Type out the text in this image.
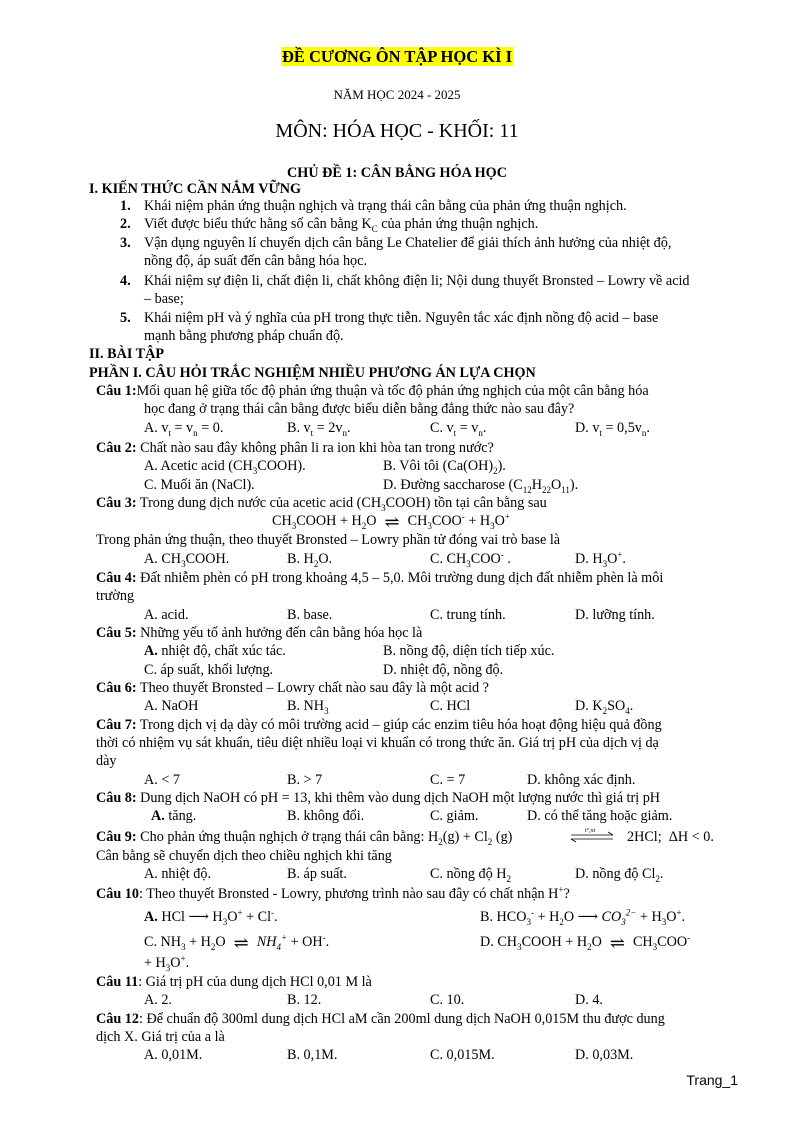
ĐỀ CƯƠNG ÔN TẬP HỌC KÌ I
NĂM HỌC 2024 - 2025
MÔN: HÓA HỌC - KHỐI: 11
CHỦ ĐỀ 1: CÂN BẰNG HÓA HỌC
I. KIẾN THỨC CẦN NẮM VỮNG
1. Khái niệm phản ứng thuận nghịch và trạng thái cân bằng của phản ứng thuận nghịch.
2. Viết được biểu thức hằng số cân bằng $K_C$ của phản ứng thuận nghịch.
3. Vận dụng nguyên lí chuyển dịch cân bằng Le Chatelier để giải thích ảnh hưởng của nhiệt độ,
nồng độ, áp suất đến cân bằng hóa học.
4. Khái niệm sự điện li, chất điện li, chất không điện li; Nội dung thuyết Bronsted – Lowry về acid
– base;
5. Khái niệm pH và ý nghĩa của pH trong thực tiễn. Nguyên tắc xác định nồng độ acid – base
mạnh bằng phương pháp chuẩn độ.
II. BÀI TẬP
PHẦN I. CÂU HỎI TRẮC NGHIỆM NHIỀU PHƯƠNG ÁN LỰA CHỌN
Câu 1:Mối quan hệ giữa tốc độ phản ứng thuận và tốc độ phản ứng nghịch của một cân bằng hóa
học đang ở trạng thái cân bằng được biểu diễn bằng đẳng thức nào sau đây?
A. $v_t = v_n = 0$.	B. $v_t = 2v_n$.	C. $v_t = v_n$.	D. $v_t = 0,5v_n$.
Câu 2: Chất nào sau đây không phân li ra ion khi hòa tan trong nước?
A. Acetic acid $(CH_3COOH)$.	B. Vôi tôi $(Ca(OH)_2)$.
C. Muối ăn (NaCl).	D. Đường saccharose $(C_{12}H_{22}O_{11})$.
Câu 3: Trong dung dịch nước của acetic acid $(CH_3COOH)$ tồn tại cân bằng sau
$CH_3COOH + H_2O$ ⇌ $CH_3COO^- + H_3O^+$
Trong phản ứng thuận, theo thuyết Bronsted – Lowry phần tử đóng vai trò base là
A. $CH_3COOH$.	B. $H_2O$.	C. $CH_3COO^-$ .	D. $H_3O^+$.
Câu 4: Đất nhiễm phèn có pH trong khoảng 4,5 – 5,0. Môi trường dung dịch đất nhiễm phèn là môi
trường
A. acid.	B. base.	C. trung tính.	D. lưỡng tính.
Câu 5: Những yếu tố ảnh hưởng đến cân bằng hóa học là
A. nhiệt độ, chất xúc tác.	B. nồng độ, diện tích tiếp xúc.
C. áp suất, khối lượng.	D. nhiệt độ, nồng độ.
Câu 6: Theo thuyết Bronsted – Lowry chất nào sau đây là một acid ?
A. NaOH	B. $NH_3$	C. HCl	D. $K_2SO_4$.
Câu 7: Trong dịch vị dạ dày có môi trường acid – giúp các enzim tiêu hóa hoạt động hiệu quả đồng
thời có nhiệm vụ sát khuẩn, tiêu diệt nhiều loại vi khuẩn có trong thức ăn. Giá trị pH của dịch vị dạ
dày
A. < 7	B. > 7	C. = 7	D. không xác định.
Câu 8: Dung dịch NaOH có pH = 13, khi thêm vào dung dịch NaOH một lượng nước thì giá trị pH
A. tăng.	B. không đổi.	C. giảm.	D. có thể tăng hoặc giảm.
Câu 9: Cho phản ứng thuận nghịch ở trạng thái cân bằng: $H_2(g) + Cl_2$ (g)	t°,xt 2HCl;  ΔH < 0.
Cân bằng sẽ chuyển dịch theo chiều nghịch khi tăng
A. nhiệt độ.	B. áp suất.	C. nồng độ $H_2$	D. nồng độ $Cl_2$.
Câu 10: Theo thuyết Bronsted - Lowry, phương trình nào sau đây có chất nhận H+?
A. HCl ⟶ $H_3O^+ + Cl^-$.	B. $HCO_3^- + H_2O$ ⟶ $CO_3^{2-} + H_3O^+$.
C. $NH_3 + H_2O$ ⇌ $NH_4^+ + OH^-$.	D. $CH_3COOH + H_2O$ ⇌ $CH_3COO^-$
+ $H_3O^+$.
Câu 11: Giá trị pH của dung dịch HCl 0,01 M là
A. 2.	B. 12.	C. 10.	D. 4.
Câu 12: Để chuẩn độ 300ml dung dịch HCl aM cần 200ml dung dịch NaOH 0,015M thu được dung
dịch X. Giá trị của a là
A. 0,01M.	B. 0,1M.	C. 0,015M.	D. 0,03M.
Trang_1
